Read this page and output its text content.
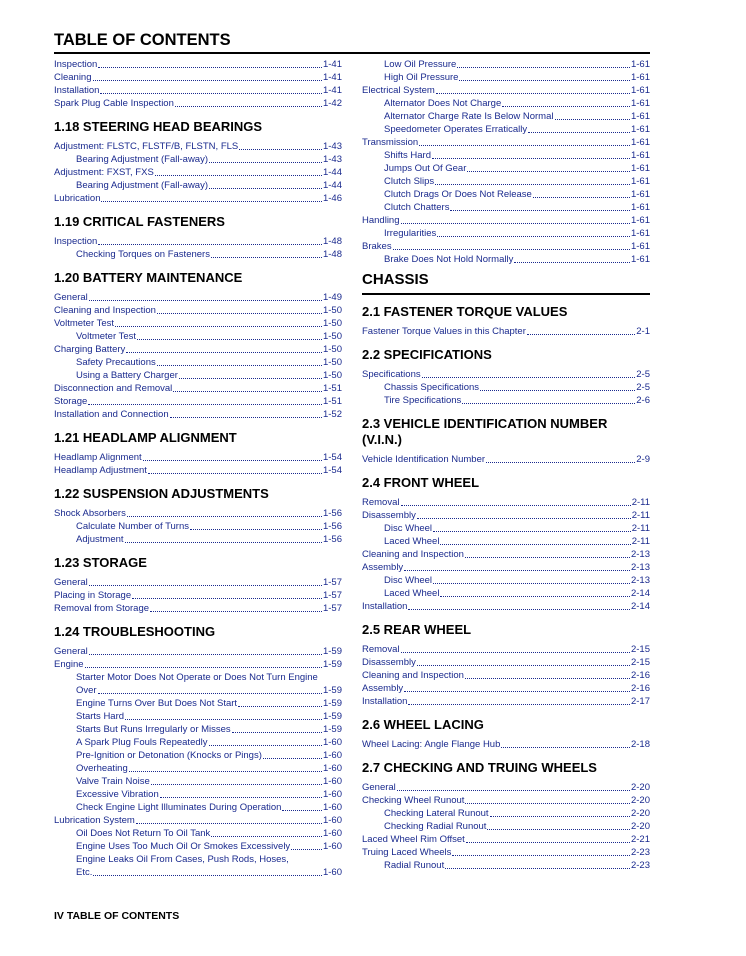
TABLE OF CONTENTS
Inspection	1-41
Cleaning	1-41
Installation	1-41
Spark Plug Cable Inspection	1-42
1.18 STEERING HEAD BEARINGS
Adjustment: FLSTC, FLSTF/B, FLSTN, FLS	1-43
Bearing Adjustment (Fall-away)	1-43
Adjustment: FXST, FXS	1-44
Bearing Adjustment (Fall-away)	1-44
Lubrication	1-46
1.19 CRITICAL FASTENERS
Inspection	1-48
Checking Torques on Fasteners	1-48
1.20 BATTERY MAINTENANCE
General	1-49
Cleaning and Inspection	1-50
Voltmeter Test	1-50
Voltmeter Test	1-50
Charging Battery	1-50
Safety Precautions	1-50
Using a Battery Charger	1-50
Disconnection and Removal	1-51
Storage	1-51
Installation and Connection	1-52
1.21 HEADLAMP ALIGNMENT
Headlamp Alignment	1-54
Headlamp Adjustment	1-54
1.22 SUSPENSION ADJUSTMENTS
Shock Absorbers	1-56
Calculate Number of Turns	1-56
Adjustment	1-56
1.23 STORAGE
General	1-57
Placing in Storage	1-57
Removal from Storage	1-57
1.24 TROUBLESHOOTING
General	1-59
Engine	1-59
Starter Motor Does Not Operate or Does Not Turn Engine
Over	1-59
Engine Turns Over But Does Not Start	1-59
Starts Hard	1-59
Starts But Runs Irregularly or Misses	1-59
A Spark Plug Fouls Repeatedly	1-60
Pre-Ignition or Detonation (Knocks or Pings)	1-60
Overheating	1-60
Valve Train Noise	1-60
Excessive Vibration	1-60
Check Engine Light Illuminates During Operation	1-60
Lubrication System	1-60
Oil Does Not Return To Oil Tank	1-60
Engine Uses Too Much Oil Or Smokes Excessively	1-60
Engine Leaks Oil From Cases, Push Rods, Hoses,
Etc.	1-60
Low Oil Pressure	1-61
High Oil Pressure	1-61
Electrical System	1-61
Alternator Does Not Charge	1-61
Alternator Charge Rate Is Below Normal	1-61
Speedometer Operates Erratically	1-61
Transmission	1-61
Shifts Hard	1-61
Jumps Out Of Gear	1-61
Clutch Slips	1-61
Clutch Drags Or Does Not Release	1-61
Clutch Chatters	1-61
Handling	1-61
Irregularities	1-61
Brakes	1-61
Brake Does Not Hold Normally	1-61
CHASSIS
2.1 FASTENER TORQUE VALUES
Fastener Torque Values in this Chapter	2-1
2.2 SPECIFICATIONS
Specifications	2-5
Chassis Specifications	2-5
Tire Specifications	2-6
2.3 VEHICLE IDENTIFICATION NUMBER (V.I.N.)
Vehicle Identification Number	2-9
2.4 FRONT WHEEL
Removal	2-11
Disassembly	2-11
Disc Wheel	2-11
Laced Wheel	2-11
Cleaning and Inspection	2-13
Assembly	2-13
Disc Wheel	2-13
Laced Wheel	2-14
Installation	2-14
2.5 REAR WHEEL
Removal	2-15
Disassembly	2-15
Cleaning and Inspection	2-16
Assembly	2-16
Installation	2-17
2.6 WHEEL LACING
Wheel Lacing: Angle Flange Hub	2-18
2.7 CHECKING AND TRUING WHEELS
General	2-20
Checking Wheel Runout	2-20
Checking Lateral Runout	2-20
Checking Radial Runout	2-20
Laced Wheel Rim Offset	2-21
Truing Laced Wheels	2-23
Radial Runout	2-23
IV TABLE OF CONTENTS
